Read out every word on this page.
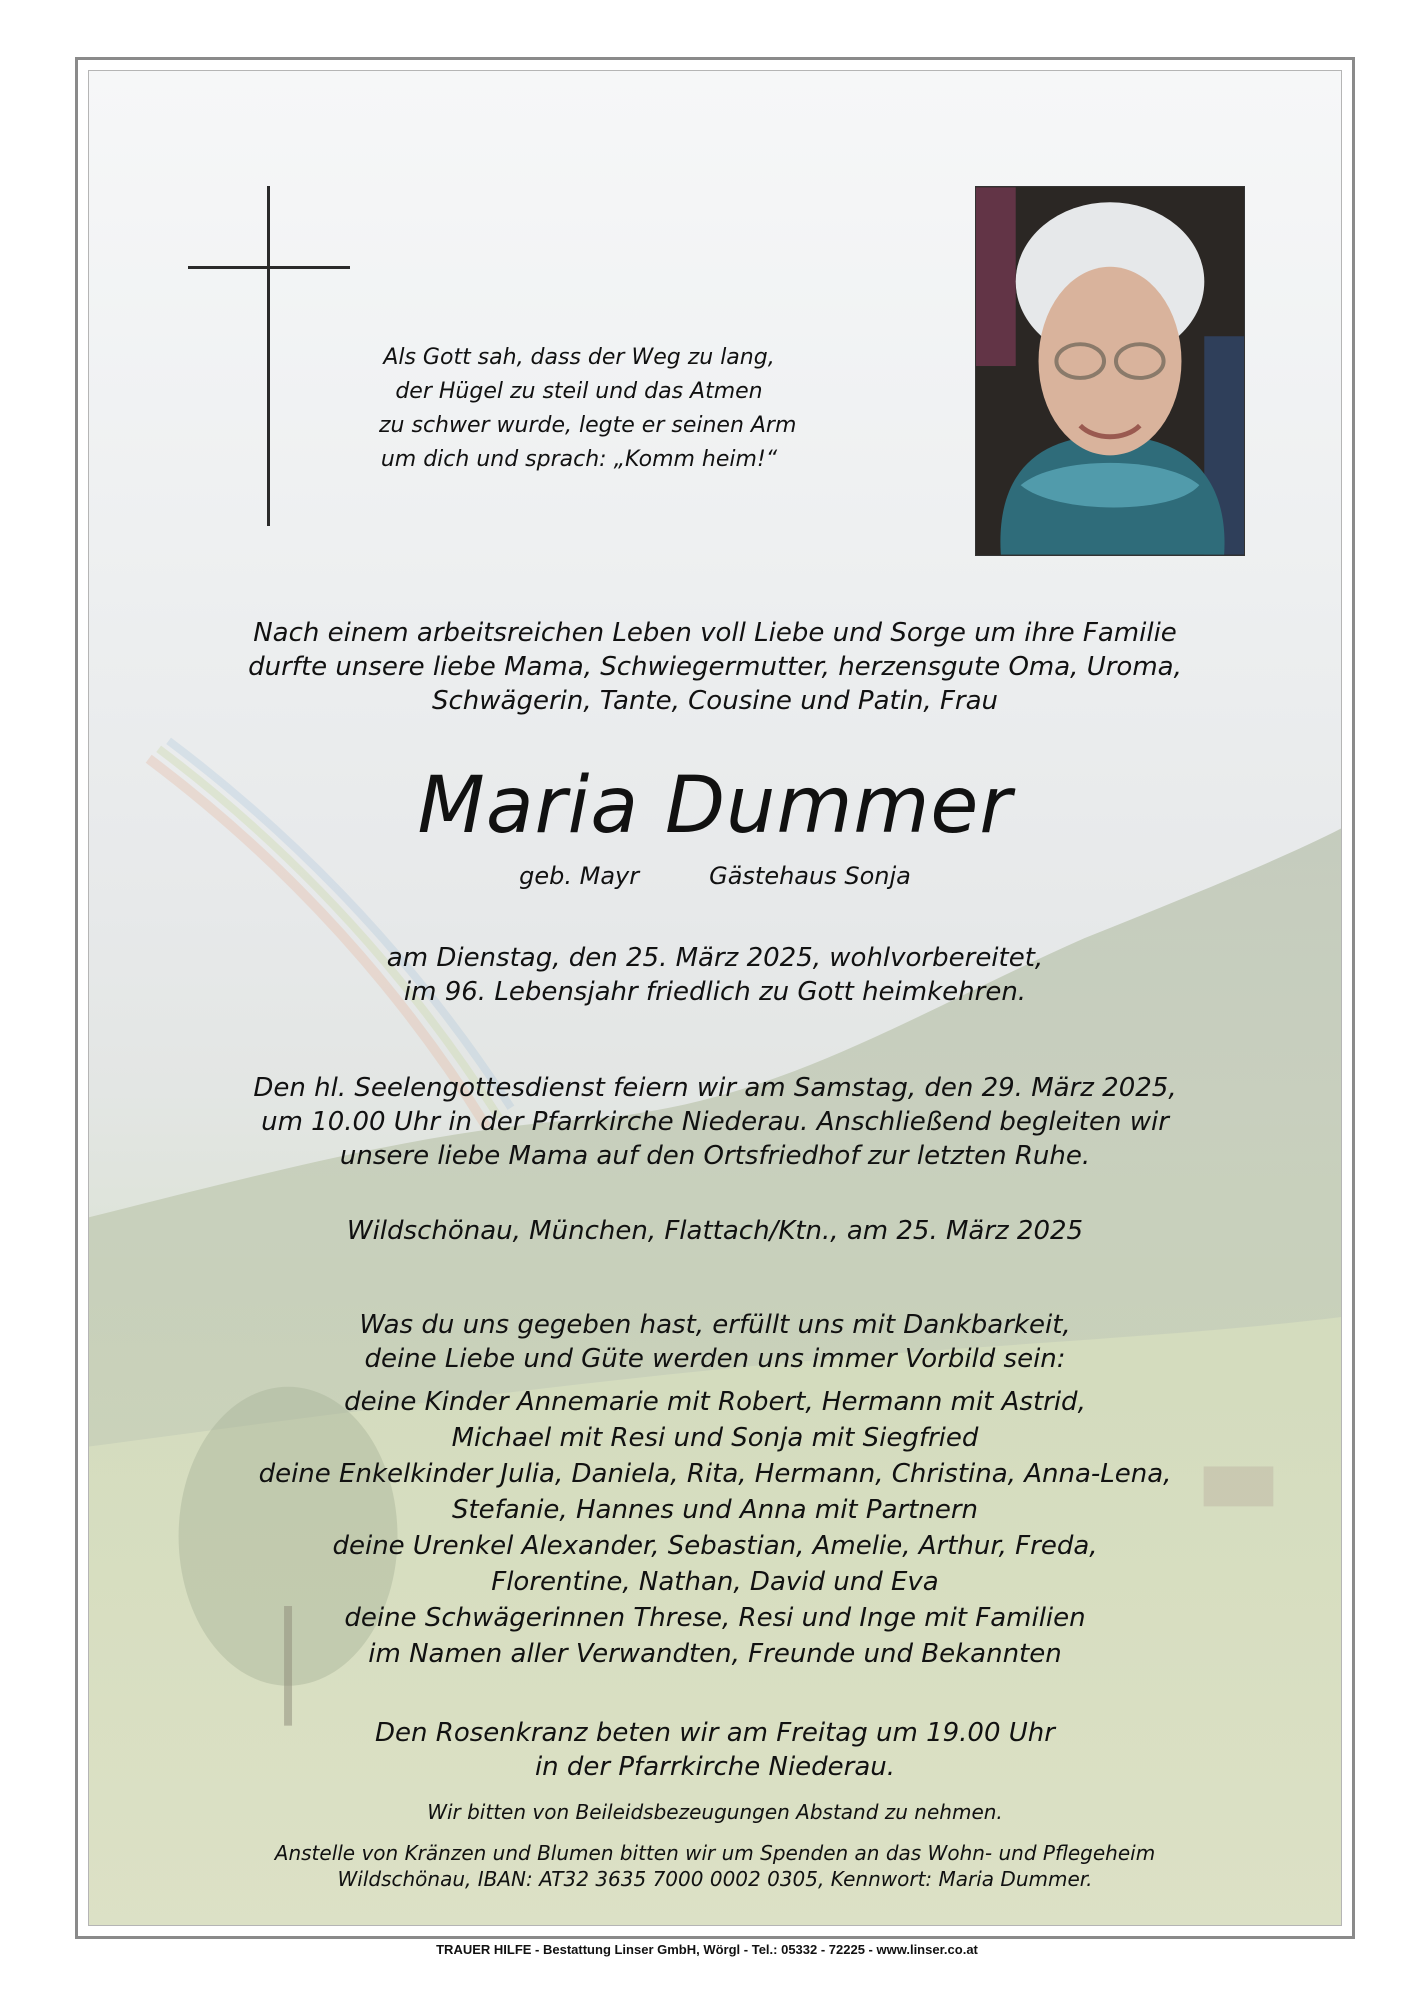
Als Gott sah, dass der Weg zu lang,
der Hügel zu steil und das Atmen
zu schwer wurde, legte er seinen Arm
um dich und sprach: „Komm heim!“
Nach einem arbeitsreichen Leben voll Liebe und Sorge um ihre Familie
durfte unsere liebe Mama, Schwiegermutter, herzensgute Oma, Uroma,
Schwägerin, Tante, Cousine und Patin, Frau
Maria Dummer
geb. Mayr	Gästehaus Sonja
am Dienstag, den 25. März 2025, wohlvorbereitet,
im 96. Lebensjahr friedlich zu Gott heimkehren.
Den hl. Seelengottesdienst feiern wir am Samstag, den 29. März 2025,
um 10.00 Uhr in der Pfarrkirche Niederau. Anschließend begleiten wir
unsere liebe Mama auf den Ortsfriedhof zur letzten Ruhe.
Wildschönau, München, Flattach/Ktn., am 25. März 2025
Was du uns gegeben hast, erfüllt uns mit Dankbarkeit,
deine Liebe und Güte werden uns immer Vorbild sein:
deine Kinder Annemarie mit Robert, Hermann mit Astrid,
Michael mit Resi und Sonja mit Siegfried
deine Enkelkinder Julia, Daniela, Rita, Hermann, Christina, Anna-Lena,
Stefanie, Hannes und Anna mit Partnern
deine Urenkel Alexander, Sebastian, Amelie, Arthur, Freda,
Florentine, Nathan, David und Eva
deine Schwägerinnen Threse, Resi und Inge mit Familien
im Namen aller Verwandten, Freunde und Bekannten
Den Rosenkranz beten wir am Freitag um 19.00 Uhr
in der Pfarrkirche Niederau.
Wir bitten von Beileidsbezeugungen Abstand zu nehmen.
Anstelle von Kränzen und Blumen bitten wir um Spenden an das Wohn- und Pflegeheim
Wildschönau, IBAN: AT32 3635 7000 0002 0305, Kennwort: Maria Dummer.
TRAUER HILFE - Bestattung Linser GmbH, Wörgl - Tel.: 05332 - 72225 - www.linser.co.at
